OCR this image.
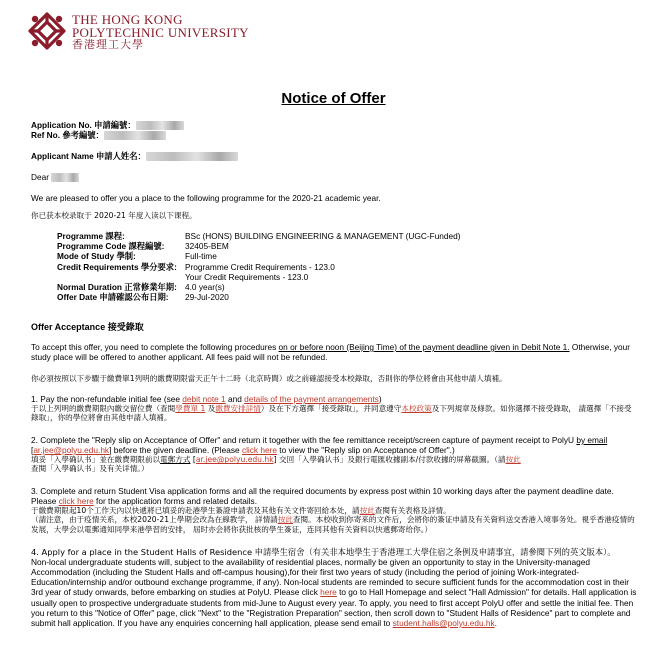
THE HONG KONG
POLYTECHNIC UNIVERSITY
香港理工大學
Notice of Offer
Application No. 申請編號：
Ref No. 參考編號：
Applicant Name 申請人姓名：
Dear
We are pleased to offer you a place to the following programme for the 2020-21 academic year.
你已获本校录取于 2020-21 年度入读以下课程。
Programme 課程:	BSc (HONS) BUILDING ENGINEERING & MANAGEMENT (UGC-Funded)
Programme Code 課程編號:	32405-BEM
Mode of Study 學制:	Full-time
Credit Requirements 學分要求: Programme Credit Requirements - 123.0
Your Credit Requirements - 123.0
Normal Duration 正常修業年期: 4.0 year(s)
Offer Date 申請確認公布日期:	29-Jul-2020
Offer Acceptance 接受錄取

To accept this offer, you need to complete the following procedures on or before noon (Beijing Time) of the payment deadline given in Debit Note 1. Otherwise, your study place will be offered to another applicant. All fees paid will not be refunded.

你必須按照以下步驟于繳費單1列明的繳費期限當天正午十二時（北京時間）或之前確認接受本校錄取，否則你的學位將會由其他申請人填補。

1. Pay the non-refundable initial fee (see debit note 1 and details of the payment arrangements)

于以上列明的繳費期限內繳交留位費（查閱學費單 1 及繳費安排詳情）及在下方選擇「接受錄取」，并同意遵守本校政策及下列規章及條款。如你選擇不接受錄取， 請選擇「不接受錄取」，你的學位將會由其他申請人填補。

2. Complete the "Reply slip on Acceptance of Offer" and return it together with the fee remittance receipt/screen capture of payment receipt to PolyU by email [ar.jee@polyu.edu.hk] before the given deadline. (Please click here to view the "Reply slip on Acceptance of Offer".)

填妥「入學确认书」並在繳費期限前以電郵方式 [ar.jee@polyu.edu.hk] 交回「入學确认书」及銀行電匯收據副本/付款收據的屏幕截圖。（請按此查閱「入學确认书」及有关详情。）

3. Complete and return Student Visa application forms and all the required documents by express post within 10 working days after the payment deadline date. Please click here for the application forms and related details.

于繳費期限起10个工作天內以快遞將已填妥的赴港學生簽證申請表及其他有关文件寄回給本处，請按此查閱有关表格及詳情。

（請注意，由于疫情关系，本校2020-21上學期会改為在線教学， 詳情請按此查閱。本校收到你寄来的文件后，会將你的簽证申請及有关資料送交香港入境事务处。視乎香港疫情的发展，大學会以電郵通知同學来港學習的安排， 屆时亦会將你获批核的學生簽证，连同其他有关資料以快遞郵寄给你。）

4. Apply for a place in the Student Halls of Residence 申請學生宿舍（有关非本地學生于香港理工大學住宿之条例及申請事宜，請參閱下列的英文版本）。

Non-local undergraduate students will, subject to the availability of residential places, normally be given an opportunity to stay in the University-managed Accommodation (including the Student Halls and off-campus housing),for their first two years of study (including the period of joining Work-integrated-Education/internship and/or outbound exchange programme, if any). Non-local students are reminded to secure sufficient funds for the accommodation cost in their 3rd year of study onwards, before embarking on studies at PolyU. Please click here to go to Hall Homepage and select "Hall Admission" for details. Hall application is usually open to prospective undergraduate students from mid-June to August every year. To apply, you need to first accept PolyU offer and settle the initial fee. Then you return to this "Notice of Offer" page, click "Next" to the "Registration Preparation" section, then scroll down to "Student Halls of Residence" part to complete and submit hall application. If you have any enquiries concerning hall application, please send email to student.halls@polyu.edu.hk.
